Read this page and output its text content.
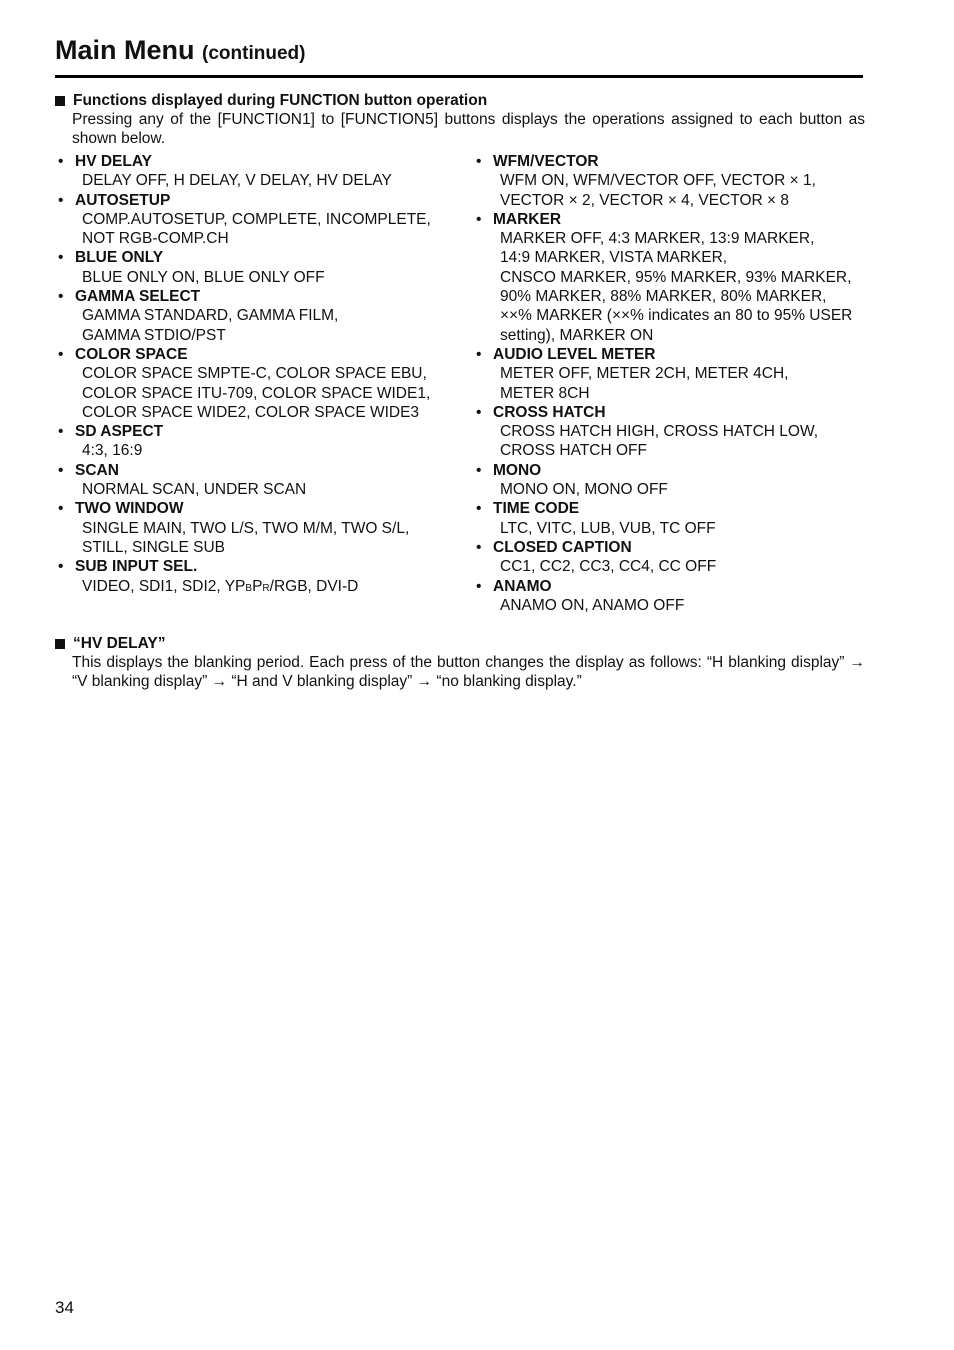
Main Menu (continued)
Functions displayed during FUNCTION button operation

Pressing any of the [FUNCTION1] to [FUNCTION5] buttons displays the operations assigned to each button as shown below.

• HV DELAY
DELAY OFF, H DELAY, V DELAY, HV DELAY
• AUTOSETUP
COMP.AUTOSETUP, COMPLETE, INCOMPLETE,
NOT RGB-COMP.CH
• BLUE ONLY
BLUE ONLY ON, BLUE ONLY OFF
• GAMMA SELECT
GAMMA STANDARD, GAMMA FILM,
GAMMA STDIO/PST
• COLOR SPACE
COLOR SPACE SMPTE-C, COLOR SPACE EBU,
COLOR SPACE ITU-709, COLOR SPACE WIDE1,
COLOR SPACE WIDE2, COLOR SPACE WIDE3
• SD ASPECT
4:3, 16:9
• SCAN
NORMAL SCAN, UNDER SCAN
• TWO WINDOW
SINGLE MAIN, TWO L/S, TWO M/M, TWO S/L,
STILL, SINGLE SUB
• SUB INPUT SEL.
VIDEO, SDI1, SDI2, YPBPR/RGB, DVI-D
• WFM/VECTOR
WFM ON, WFM/VECTOR OFF, VECTOR × 1,
VECTOR × 2, VECTOR × 4, VECTOR × 8
• MARKER
MARKER OFF, 4:3 MARKER, 13:9 MARKER,
14:9 MARKER, VISTA MARKER,
CNSCO MARKER, 95% MARKER, 93% MARKER,
90% MARKER, 88% MARKER, 80% MARKER,
××% MARKER (××% indicates an 80 to 95% USER
setting), MARKER ON
• AUDIO LEVEL METER
METER OFF, METER 2CH, METER 4CH,
METER 8CH
• CROSS HATCH
CROSS HATCH HIGH, CROSS HATCH LOW,
CROSS HATCH OFF
• MONO
MONO ON, MONO OFF
• TIME CODE
LTC, VITC, LUB, VUB, TC OFF
• CLOSED CAPTION
CC1, CC2, CC3, CC4, CC OFF
• ANAMO
ANAMO ON, ANAMO OFF
“HV DELAY”

This displays the blanking period. Each press of the button changes the display as follows: “H blanking display” → “V blanking display” → “H and V blanking display” → “no blanking display.”

34
